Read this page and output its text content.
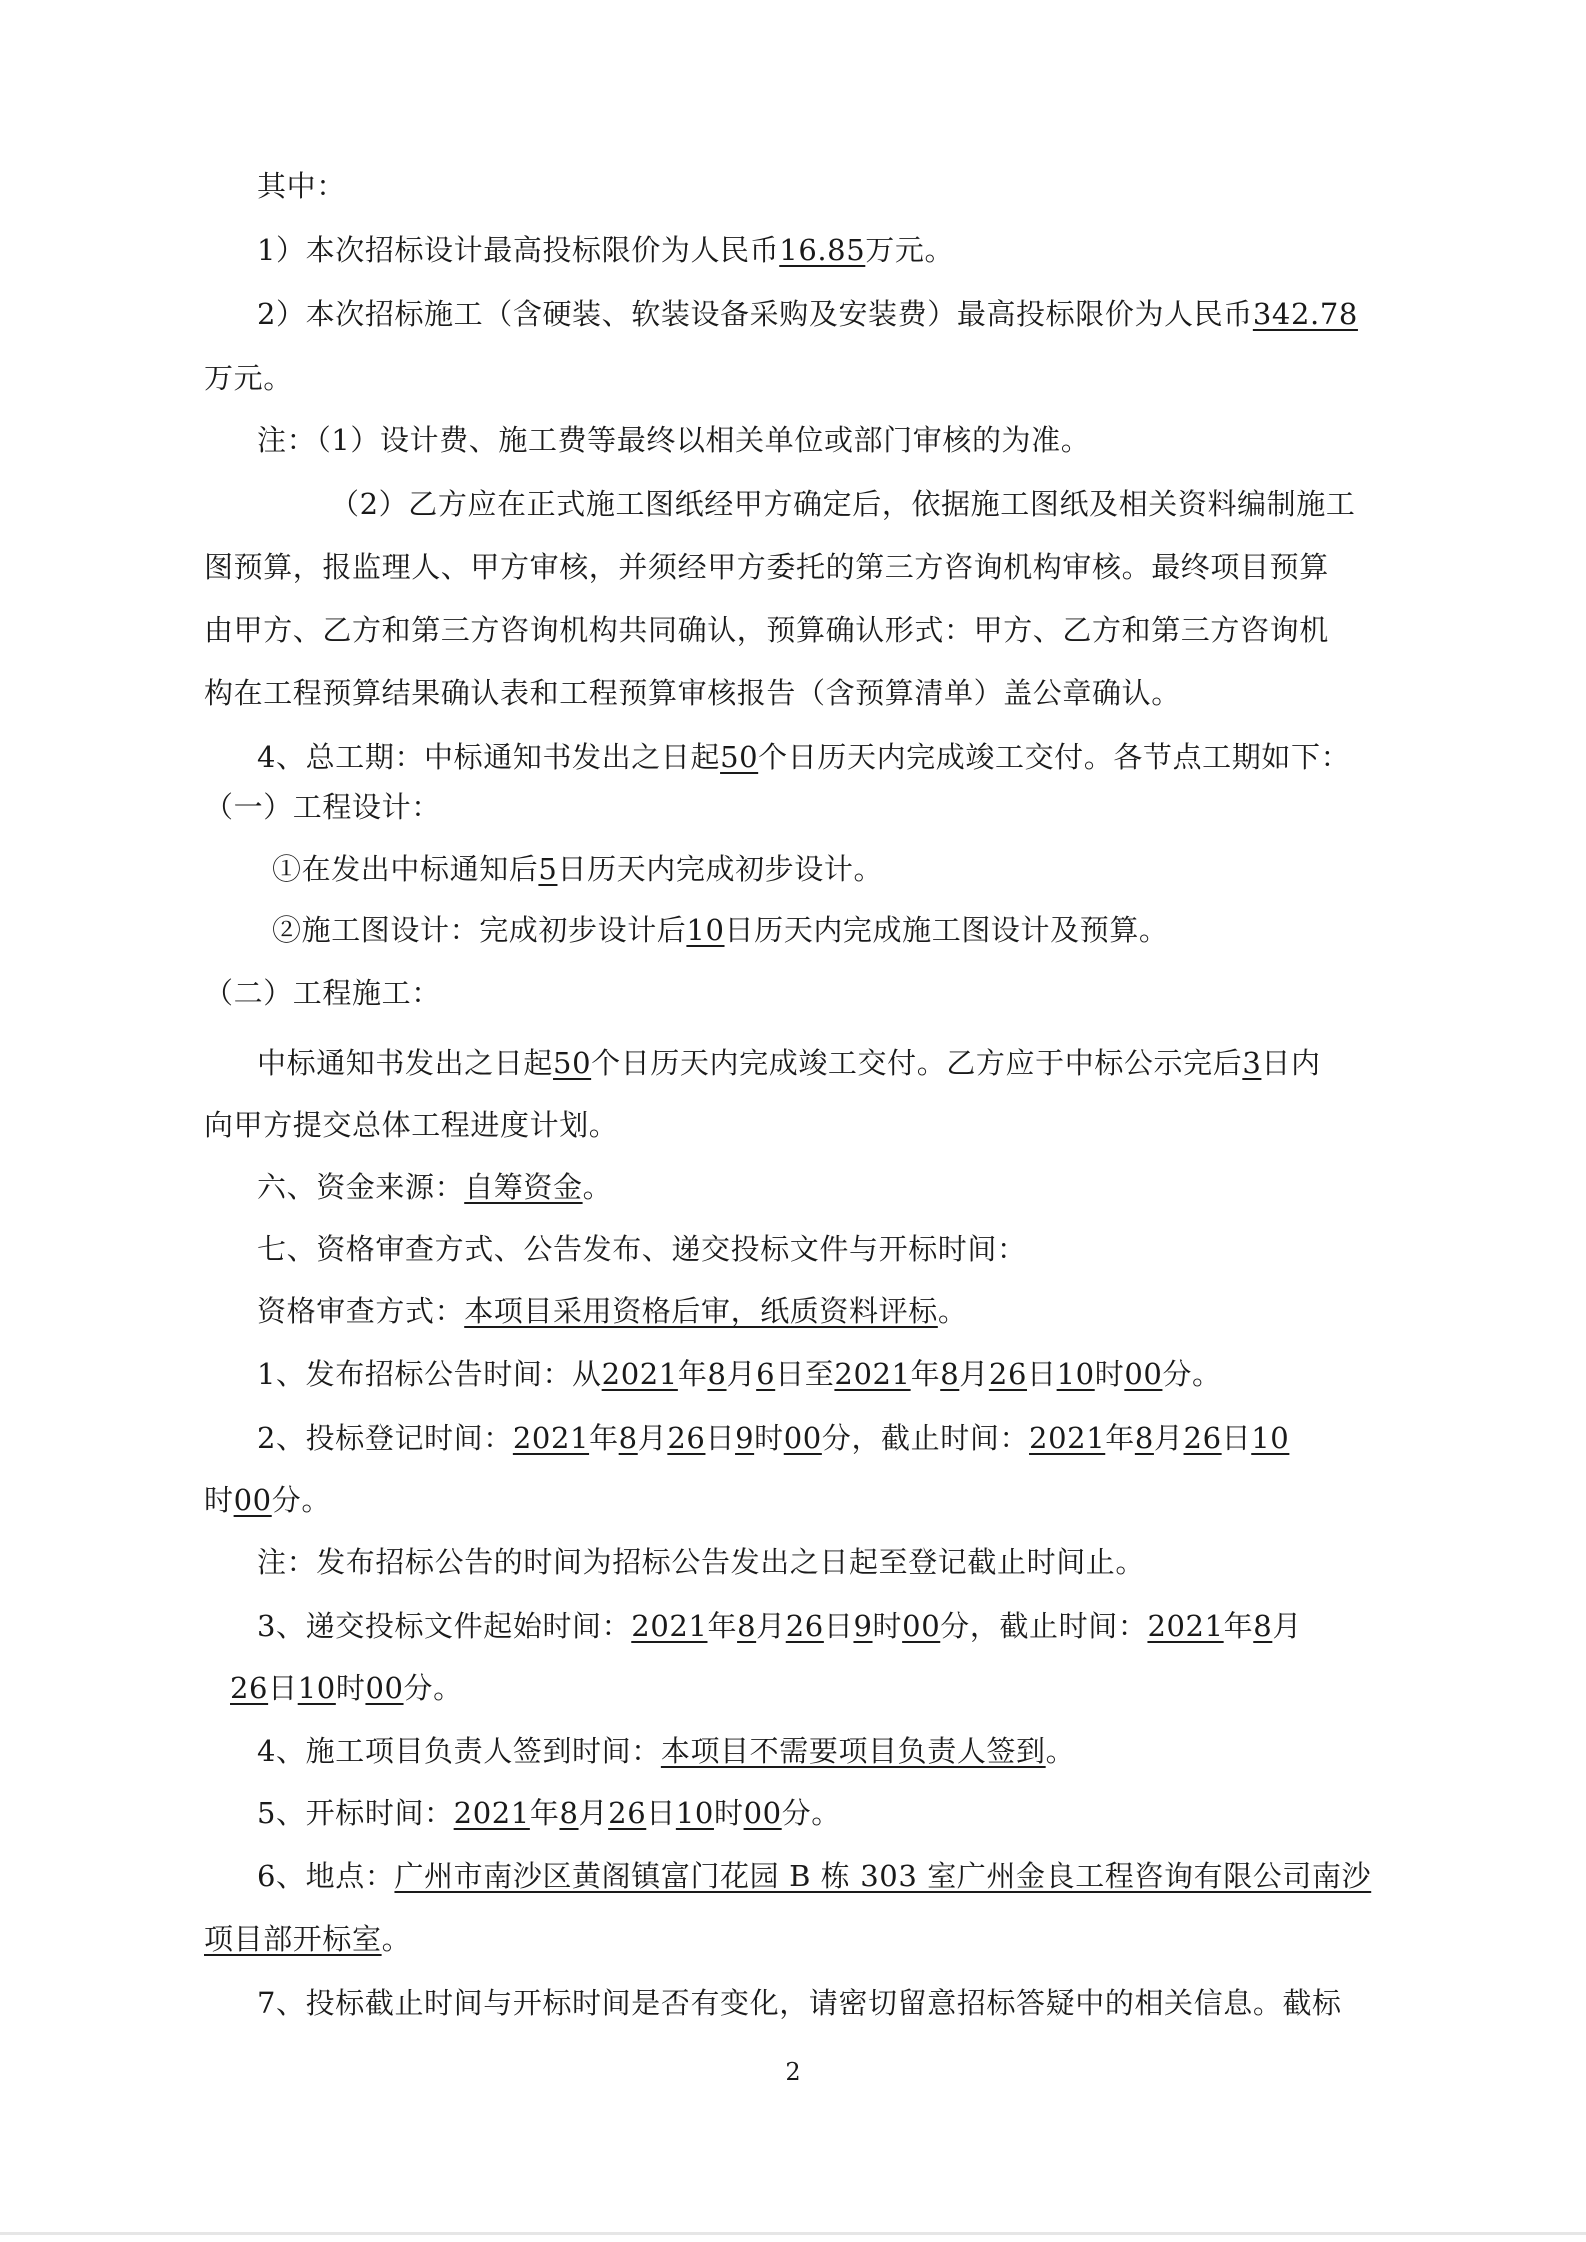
其中：

1）本次招标设计最高投标限价为人民币16.85万元。

2）本次招标施工（含硬装、软装设备采购及安装费）最高投标限价为人民币342.78

万元。

注：（1）设计费、施工费等最终以相关单位或部门审核的为准。

（2）乙方应在正式施工图纸经甲方确定后，依据施工图纸及相关资料编制施工

图预算，报监理人、甲方审核，并须经甲方委托的第三方咨询机构审核。最终项目预算

由甲方、乙方和第三方咨询机构共同确认，预算确认形式：甲方、乙方和第三方咨询机

构在工程预算结果确认表和工程预算审核报告（含预算清单）盖公章确认。

4、总工期：中标通知书发出之日起50个日历天内完成竣工交付。各节点工期如下：

（一）工程设计：

①在发出中标通知后5日历天内完成初步设计。

②施工图设计：完成初步设计后10日历天内完成施工图设计及预算。

（二）工程施工：

中标通知书发出之日起50个日历天内完成竣工交付。乙方应于中标公示完后3日内

向甲方提交总体工程进度计划。

六、资金来源：自筹资金。

七、资格审查方式、公告发布、递交投标文件与开标时间：

资格审查方式：本项目采用资格后审，纸质资料评标。

1、发布招标公告时间：从2021年8月6日至2021年8月26日10时00分。

2、投标登记时间：2021年8月26日9时00分，截止时间：2021年8月26日10

时00分。

注：发布招标公告的时间为招标公告发出之日起至登记截止时间止。

3、递交投标文件起始时间：2021年8月26日9时00分，截止时间：2021年8月

26日10时00分。

4、施工项目负责人签到时间：本项目不需要项目负责人签到。

5、开标时间：2021年8月26日10时00分。

6、地点：广州市南沙区黄阁镇富门花园 B 栋 303 室广州金良工程咨询有限公司南沙

项目部开标室。

7、投标截止时间与开标时间是否有变化，请密切留意招标答疑中的相关信息。截标

2
